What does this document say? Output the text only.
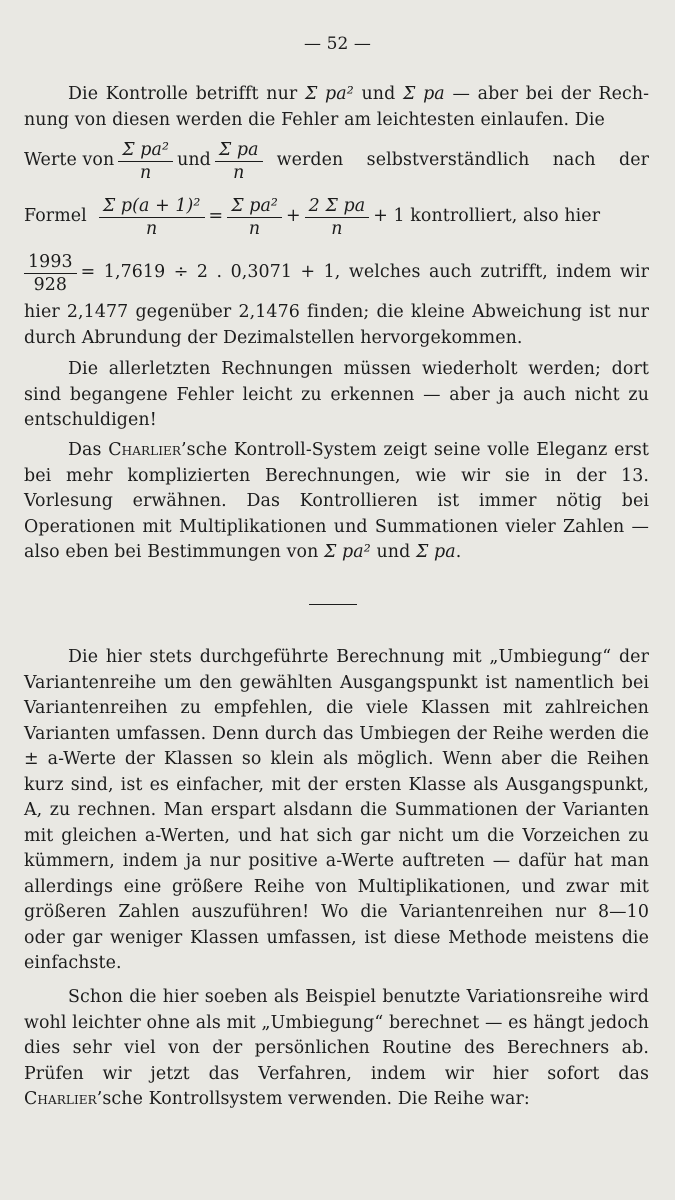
— 52 —

Die Kontrolle betrifft nur Σ pa² und Σ pa — aber bei der Rechnung von diesen werden die Fehler am leichtesten einlaufen. Die

Werte von $\frac{\text{Σ pa²}}{n}$ und $\frac{\text{Σ pa}}{n}$ werden selbstverständlich nach der
Formel $\frac{\text{Σ p(a + 1)²}}{n} = \frac{\text{Σ pa²}}{n} + \frac{\text{2 Σ pa}}{n} + 1$ kontrolliert, also hier
$\frac{1993}{928} = 1,7619 \div 2$ . 0,3071 + 1, welches auch zutrifft, indem wir

hier 2,1477 gegenüber 2,1476 finden; die kleine Abweichung ist nur durch Abrundung der Dezimalstellen hervorgekommen.

Die allerletzten Rechnungen müssen wiederholt werden; dort sind begangene Fehler leicht zu erkennen — aber ja auch nicht zu entschuldigen!

Das Charlier’sche Kontroll-System zeigt seine volle Eleganz erst bei mehr komplizierten Berechnungen, wie wir sie in der 13. Vorlesung erwähnen. Das Kontrollieren ist immer nötig bei Operationen mit Multiplikationen und Summationen vieler Zahlen — also eben bei Bestimmungen von Σ pa² und Σ pa.

Die hier stets durchgeführte Berechnung mit „Umbiegung“ der Variantenreihe um den gewählten Ausgangspunkt ist namentlich bei Variantenreihen zu empfehlen, die viele Klassen mit zahlreichen Varianten umfassen. Denn durch das Umbiegen der Reihe werden die ± a-Werte der Klassen so klein als möglich. Wenn aber die Reihen kurz sind, ist es einfacher, mit der ersten Klasse als Ausgangspunkt, A, zu rechnen. Man erspart alsdann die Summationen der Varianten mit gleichen a-Werten, und hat sich gar nicht um die Vorzeichen zu kümmern, indem ja nur positive a-Werte auftreten — dafür hat man allerdings eine größere Reihe von Multiplikationen, und zwar mit größeren Zahlen auszuführen! Wo die Variantenreihen nur 8—10 oder gar weniger Klassen umfassen, ist diese Methode meistens die einfachste.

Schon die hier soeben als Beispiel benutzte Variationsreihe wird wohl leichter ohne als mit „Umbiegung“ berechnet — es hängt jedoch dies sehr viel von der persönlichen Routine des Berechners ab. Prüfen wir jetzt das Verfahren, indem wir hier sofort das Charlier’sche Kontrollsystem verwenden. Die Reihe war:
